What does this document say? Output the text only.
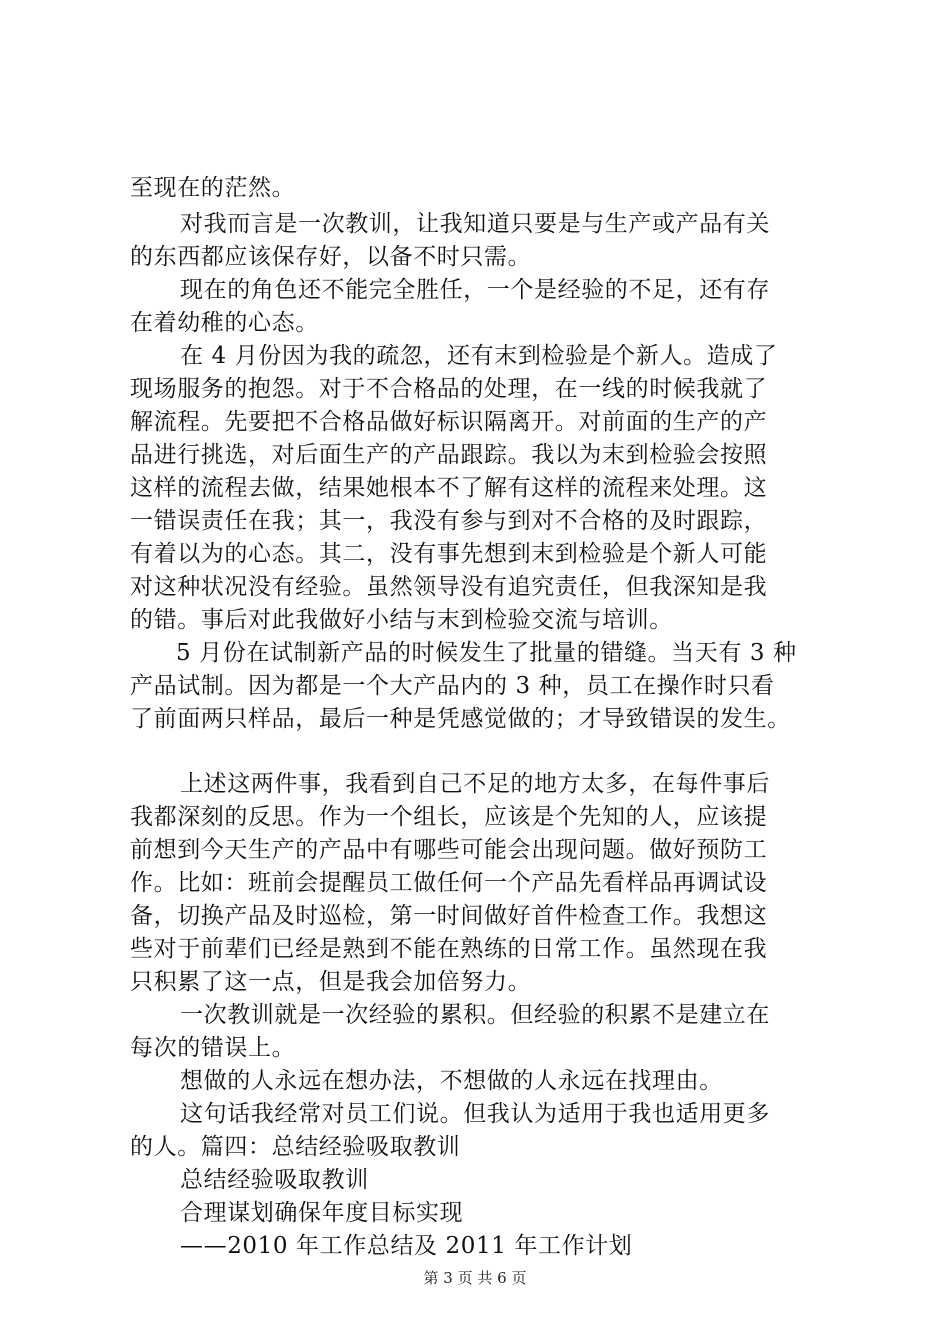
至现在的茫然。
对我而言是一次教训，让我知道只要是与生产或产品有关
的东西都应该保存好，以备不时只需。
现在的角色还不能完全胜任，一个是经验的不足，还有存
在着幼稚的心态。
在 4 月份因为我的疏忽，还有末到检验是个新人。造成了
现场服务的抱怨。对于不合格品的处理，在一线的时候我就了
解流程。先要把不合格品做好标识隔离开。对前面的生产的产
品进行挑选，对后面生产的产品跟踪。我以为末到检验会按照
这样的流程去做，结果她根本不了解有这样的流程来处理。这
一错误责任在我；其一，我没有参与到对不合格的及时跟踪，
有着以为的心态。其二，没有事先想到末到检验是个新人可能
对这种状况没有经验。虽然领导没有追究责任，但我深知是我
的错。事后对此我做好小结与末到检验交流与培训。
5 月份在试制新产品的时候发生了批量的错缝。当天有 3 种
产品试制。因为都是一个大产品内的 3 种，员工在操作时只看
了前面两只样品，最后一种是凭感觉做的；才导致错误的发生。
上述这两件事，我看到自己不足的地方太多，在每件事后
我都深刻的反思。作为一个组长，应该是个先知的人，应该提
前想到今天生产的产品中有哪些可能会出现问题。做好预防工
作。比如：班前会提醒员工做任何一个产品先看样品再调试设
备，切换产品及时巡检，第一时间做好首件检查工作。我想这
些对于前辈们已经是熟到不能在熟练的日常工作。虽然现在我
只积累了这一点，但是我会加倍努力。
一次教训就是一次经验的累积。但经验的积累不是建立在
每次的错误上。
想做的人永远在想办法，不想做的人永远在找理由。
这句话我经常对员工们说。但我认为适用于我也适用更多
的人。篇四：总结经验吸取教训
总结经验吸取教训
合理谋划确保年度目标实现
——2010 年工作总结及 2011 年工作计划
第 3 页 共 6 页
